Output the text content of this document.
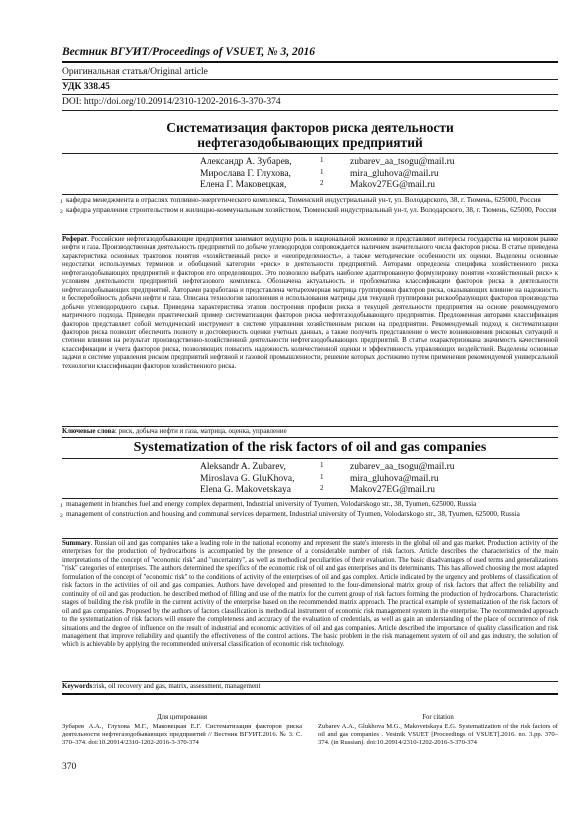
Вестник ВГУИТ/Proceedings of VSUET, № 3, 2016
Оригинальная статья/Original article
УДК 338.45
DOI: http://doi.org/10.20914/2310-1202-2016-3-370-374
Систематизация факторов риска деятельности
нефтегазодобывающих предприятий
Александр А. Зубарев,	1	zubarev_aa_tsogu@mail.ru
Мирослава Г. Глухова,	1	mira_gluhova@mail.ru
Елена Г. Маковецкая,	2	Makov27EG@mail.ru
1 кафедра менеджмента в отраслях топливно-энергетического комплекса, Тюменский индустриальный ун-т, ул. Володарского, 38, г. Тюмень, 625000, Россия
2 кафедра управления строительством и жилищно-коммунальным хозяйством, Тюменский индустриальный ун-т, ул. Володарского, 38, г. Тюмень, 625000, Россия
Реферат. Российские нефтегазодобывающие предприятия занимают ведущую роль в национальной экономике и представляют интересы государства на мировом рынке нефти и газа. Производственная деятельность предприятий по добыче углеводородов сопровождается наличием значительного числа факторов риска. В статье приведена характеристика основных трактовок понятия «хозяйственный риск» и «неопределенность», а также методические особенности их оценки. Выделены основные недостатки используемых терминов и обобщений категории «риск» в деятельности предприятий. Авторами определена специфика хозяйственного риска нефтегазодобывающих предприятий и факторов его определяющих. Это позволило выбрать наиболее адаптированную формулировку понятия «хозяйственный риск» к условиям деятельности предприятий нефтегазового комплекса. Обозначена актуальность и проблематика классификации факторов риска в деятельности нефтегазодобывающих предприятий. Авторами разработана и представлена четырехмерная матрица группировки факторов риска, оказывающих влияние на надежность и бесперебойность добычи нефти и газа. Описана технология заполнения и использования матрицы для текущей группировки рискообразующих факторов производства добычи углеводородного сырья. Приведена характеристика этапов построения профиля риска в текущей деятельности предприятия на основе рекомендуемого матричного подхода. Приведен практический пример систематизации факторов риска нефтегазодобывающего предприятия. Предложенная авторами классификация факторов представляет собой методический инструмент в системе управления хозяйственным риском на предприятии. Рекомендуемый подход к систематизации факторов риска позволит обеспечить полноту и достоверность оценки учетных данных, а также получить представление о месте возникновения рисковых ситуаций и степени влияния на результат производственно-хозяйственной деятельности нефтегазодобывающих предприятий. В статье охарактеризована значимость качественной классификации и учета факторов риска, позволяющих повысить надежность количественной оценки и эффективность управляющих воздействий. Выделены основные задачи в системе управления риском предприятий нефтяной и газовой промышленности, решение которых достижимо путем применения рекомендуемой универсальной технологии классификации факторов хозяйственного риска.
Ключевые слова: риск, добыча нефти и газа, матрица, оценка, управление
Systematization of the risk factors of oil and gas companies
Aleksandr A. Zubarev,	1	zubarev_aa_tsogu@mail.ru
Miroslava G. GluKhova,	1	mira_gluhova@mail.ru
Elena G. Makovetskaya	2	Makov27EG@mail.ru
1 management in branches fuel and energy complex deparment, Industrial university of Tyumen, Volodarskogo str., 38, Tyumen, 625000, Russia
2 management of construction and housing and communal services deparment, Industrial university of Tyumen, Volodarskogo str., 38, Tyumen, 625000, Russia
Summary. Russian oil and gas companies take a leading role in the national economy and represent the state's interests in the global oil and gas market. Production activity of the enterprises for the production of hydrocarbons is accompanied by the presence of a considerable number of risk factors. Article describes the characteristics of the main interpretations of the concept of "economic risk" and "uncertainty", as well as methodical peculiarities of their evaluation. The basic disadvantages of used terms and generalizations "risk" categories of enterprises. The authors determined the specifics of the economic risk of oil and gas enterprises and its determinants. This has allowed choosing the most adapted formulation of the concept of "economic risk" to the conditions of activity of the enterprises of oil and gas complex. Article indicated by the urgency and problems of classification of risk factors in the activities of oil and gas companies. Authors have developed and presented to the four-dimensional matrix group of risk factors that affect the reliability and continuity of oil and gas production. he described method of filling and use of the matrix for the current group of risk factors forming the production of hydrocarbons. Characteristic stages of building the risk profile in the current activity of the enterprise based on the recommended matrix approach. The practical example of systematization of the risk factors of oil and gas companies. Proposed by the authors of factors classification is methodical instrument of economic risk management system in the enterprise. The recommended approach to the systematization of risk factors will ensure the completeness and accuracy of the evaluation of credentials, as well as gain an understanding of the place of occurrence of risk situations and the degree of influence on the result of industrial and economic activities of oil and gas companies. Article described the importance of quality classification and risk management that improve reliability and quantify the effectiveness of the control actions. The basic problem in the risk management system of oil and gas industry, the solution of which is achievable by applying the recommended universal classification of economic risk technology.
Keywords:risk, oil recovery and gas, matrix, assessment, management
Для цитирования
Зубарев А.А., Глухова М.Г., Маковецкая Е.Г. Систематизация факторов риска деятельности нефтегазодобывающих предприятий // Вестник ВГУИТ.2016. № 3. С. 370–374. doi:10.20914/2310-1202-2016-3-370-374
For citation
Zubarev A.A., Glukhova M.G., Makovetskaya E.G. Systematization of the risk factors of oil and gas companies . Vestnik VSUET [Proceedings of VSUET].2016. no. 3.pp. 370–374. (in Russian). doi:10.20914/2310-1202-2016-3-370-374
370
